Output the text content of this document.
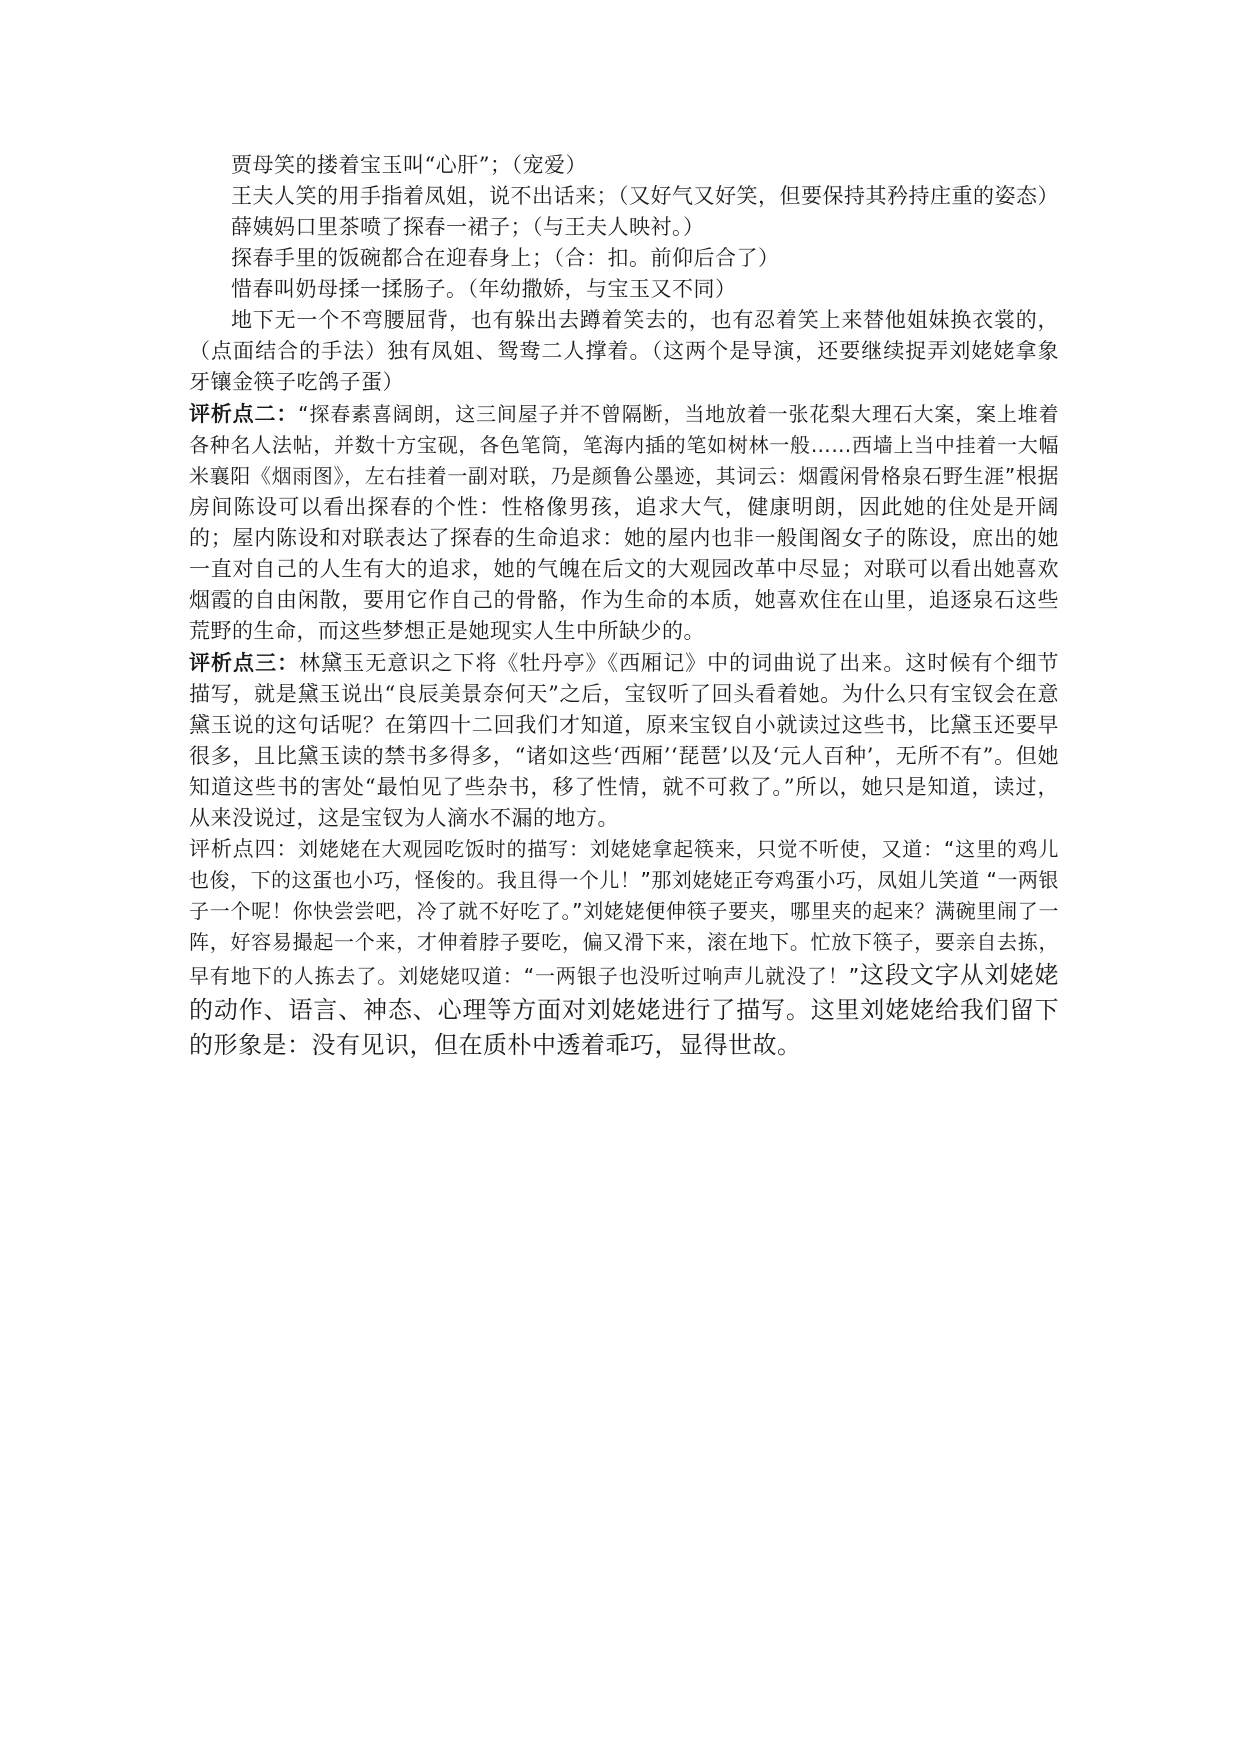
贾母笑的搂着宝玉叫“心肝”；（宠爱）

王夫人笑的用手指着凤姐，说不出话来；（又好气又好笑，但要保持其矜持庄重的姿态）

薛姨妈口里茶喷了探春一裙子；（与王夫人映衬。）

探春手里的饭碗都合在迎春身上；（合：扣。前仰后合了）

惜春叫奶母揉一揉肠子。（年幼撒娇，与宝玉又不同）

地下无一个不弯腰屈背，也有躲出去蹲着笑去的，也有忍着笑上来替他姐妹换衣裳的，（点面结合的手法）独有凤姐、鸳鸯二人撑着。（这两个是导演，还要继续捉弄刘姥姥拿象牙镶金筷子吃鸽子蛋）

评析点二：“探春素喜阔朗，这三间屋子并不曾隔断，当地放着一张花梨大理石大案，案上堆着各种名人法帖，并数十方宝砚，各色笔筒，笔海内插的笔如树林一般……西墙上当中挂着一大幅米襄阳《烟雨图》，左右挂着一副对联，乃是颜鲁公墨迹，其词云：烟霞闲骨格泉石野生涯”根据房间陈设可以看出探春的个性：性格像男孩，追求大气，健康明朗，因此她的住处是开阔的；屋内陈设和对联表达了探春的生命追求：她的屋内也非一般闺阁女子的陈设，庶出的她一直对自己的人生有大的追求，她的气魄在后文的大观园改革中尽显；对联可以看出她喜欢烟霞的自由闲散，要用它作自己的骨骼，作为生命的本质，她喜欢住在山里，追逐泉石这些荒野的生命，而这些梦想正是她现实人生中所缺少的。

评析点三：林黛玉无意识之下将《牡丹亭》《西厢记》中的词曲说了出来。这时候有个细节描写，就是黛玉说出“良辰美景奈何天”之后，宝钗听了回头看着她。为什么只有宝钗会在意黛玉说的这句话呢？在第四十二回我们才知道，原来宝钗自小就读过这些书，比黛玉还要早很多，且比黛玉读的禁书多得多，“诸如这些‘西厢’‘琵琶’以及‘元人百种’，无所不有”。但她知道这些书的害处“最怕见了些杂书，移了性情，就不可救了。”所以，她只是知道，读过，从来没说过，这是宝钗为人滴水不漏的地方。

评析点四：刘姥姥在大观园吃饭时的描写：刘姥姥拿起筷来，只觉不听使，又道：“这里的鸡儿也俊，下的这蛋也小巧，怪俊的。我且得一个儿！”那刘姥姥正夸鸡蛋小巧，凤姐儿笑道 “一两银子一个呢！你快尝尝吧，冷了就不好吃了。”刘姥姥便伸筷子要夹，哪里夹的起来？满碗里闹了一阵，好容易撮起一个来，才伸着脖子要吃，偏又滑下来，滚在地下。忙放下筷子，要亲自去拣，早有地下的人拣去了。刘姥姥叹道：“一两银子也没听过响声儿就没了！”这段文字从刘姥姥的动作、语言、神态、心理等方面对刘姥姥进行了描写。这里刘姥姥给我们留下的形象是：没有见识，但在质朴中透着乖巧，显得世故。
